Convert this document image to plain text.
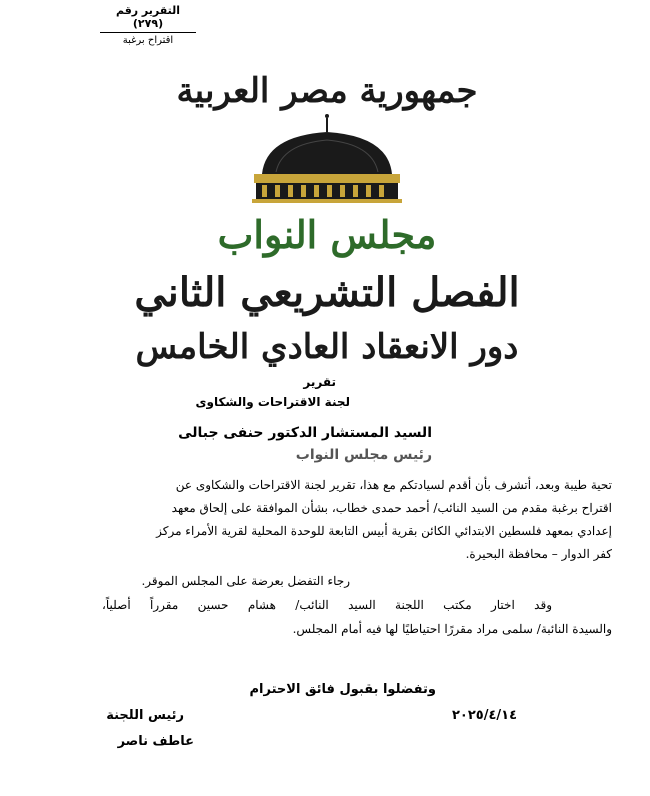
التقرير رقم (٢٧٩)
اقتراح برغبة
جمهورية مصر العربية
مجلس النواب
الفصل التشريعي الثاني
دور الانعقاد العادي الخامس
تقرير
لجنة الاقتراحات والشكاوى
السيد المستشار الدكتور حنفى جبالى
رئيس مجلس النواب
تحية طيبة وبعد، أتشرف بأن أقدم لسيادتكم مع هذا، تقرير لجنة الاقتراحات والشكاوى عن
اقتراح برغبة مقدم من السيد النائب/ أحمد حمدى خطاب، بشأن الموافقة على إلحاق معهد
إعدادي بمعهد فلسطين الابتدائي الكائن بقرية أبيس التابعة للوحدة المحلية لقرية الأمراء مركز
كفر الدوار – محافظة البحيرة.
رجاء التفضل بعرضة على المجلس الموقر.
وقد اختار مكتب اللجنة السيد النائب/ هشام حسين مقرراً أصلياً،
والسيدة النائبة/ سلمى مراد مقررًا احتياطيًا لها فيه أمام المجلس.
وتفضلوا بقبول فائق الاحترام
٢٠٢٥/٤/١٤
رئيس اللجنة
عاطف ناصر
